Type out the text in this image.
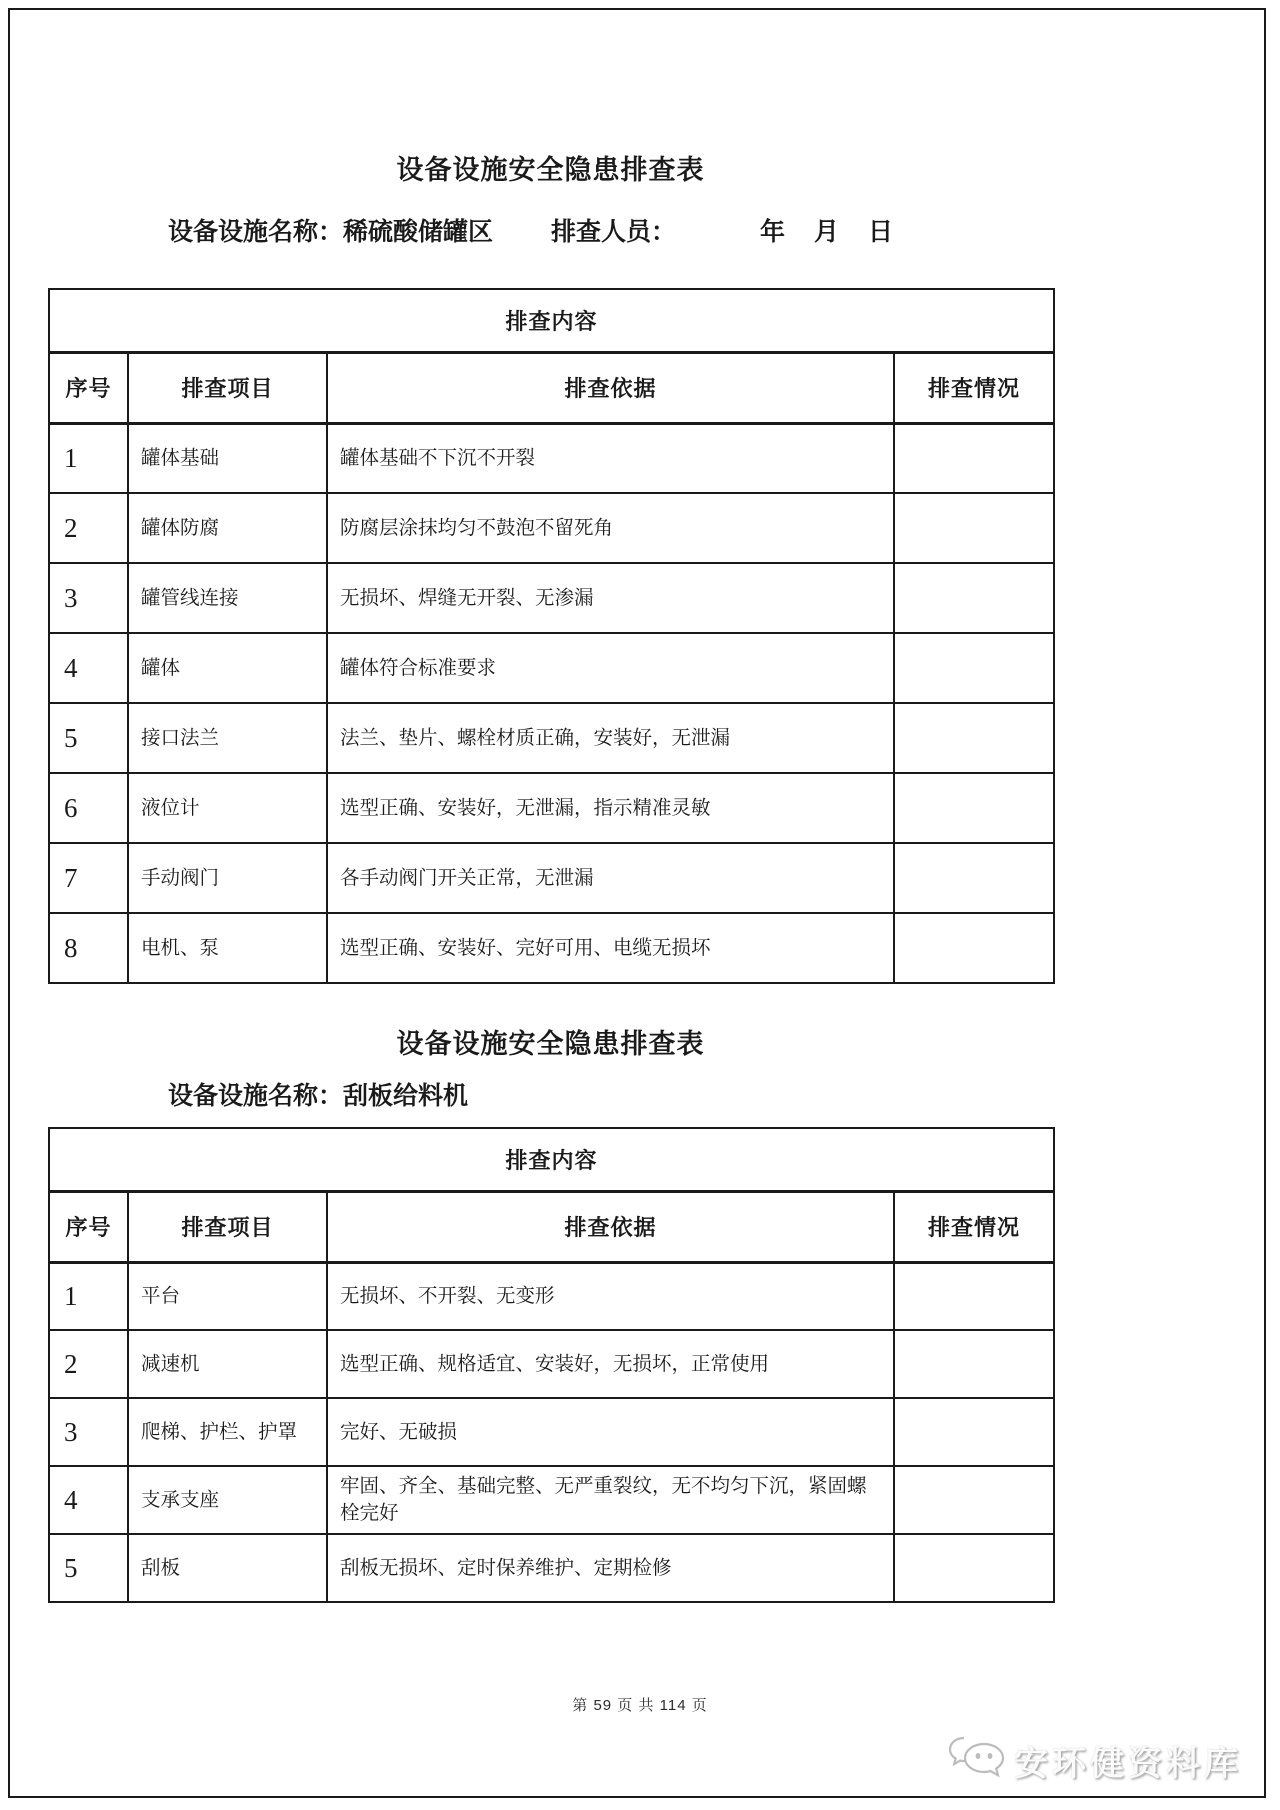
设备设施安全隐患排查表
设备设施名称：稀硫酸储罐区 排查人员：	年　月　日
排查内容			
序号	排查项目	排查依据	排查情况
1	罐体基础	罐体基础不下沉不开裂	
2	罐体防腐	防腐层涂抹均匀不鼓泡不留死角	
3	罐管线连接	无损坏、焊缝无开裂、无渗漏	
4	罐体	罐体符合标准要求	
5	接口法兰	法兰、垫片、螺栓材质正确，安装好，无泄漏	
6	液位计	选型正确、安装好，无泄漏，指示精准灵敏	
7	手动阀门	各手动阀门开关正常，无泄漏	
8	电机、泵	选型正确、安装好、完好可用、电缆无损坏	
设备设施安全隐患排查表
设备设施名称：刮板给料机
排查内容			
序号	排查项目	排查依据	排查情况
1	平台	无损坏、不开裂、无变形	
2	减速机	选型正确、规格适宜、安装好，无损坏，正常使用	
3	爬梯、护栏、护罩	完好、无破损	
4	支承支座	牢固、齐全、基础完整、无严重裂纹，无不均匀下沉，紧固螺栓完好	
5	刮板	刮板无损坏、定时保养维护、定期检修	
第 59 页 共 114 页
安环健资料库
